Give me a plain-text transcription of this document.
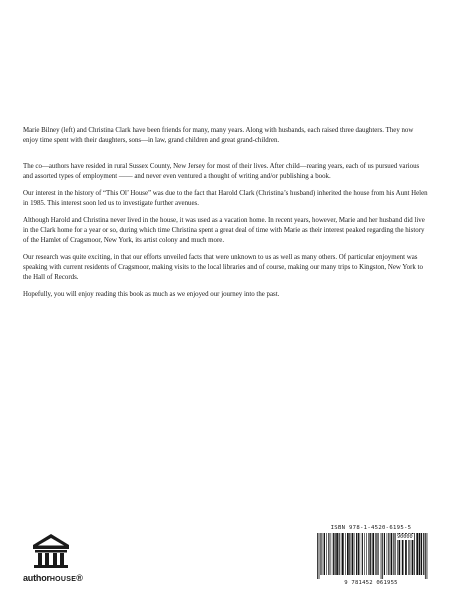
Marie Bilney (left) and Christina Clark have been friends for many, many years. Along with husbands, each raised three daughters. They now enjoy time spent with their daughters, sons—in law, grand children and great grand-children.

The co—authors have resided in rural Sussex County, New Jersey for most of their lives. After child—rearing years, each of us pursued various and assorted types of employment —— and never even ventured a thought of writing and/or publishing a book.

Our interest in the history of “This Ol’ House” was due to the fact that Harold Clark (Christina’s husband) inherited the house from his Aunt Helen in 1985. This interest soon led us to investigate further avenues.

Although Harold and Christina never lived in the house, it was used as a vacation home. In recent years, however, Marie and her husband did live in the Clark home for a year or so, during which time Christina spent a great deal of time with Marie as their interest peaked regarding the history of the Hamlet of Cragsmoor, New York, its artist colony and much more.

Our research was quite exciting, in that our efforts unveiled facts that were unknown to us as well as many others. Of particular enjoyment was speaking with current residents of Cragsmoor, making visits to the local libraries and of course, making our many trips to Kingston, New York to the Hall of Records.

Hopefully, you will enjoy reading this book as much as we enjoyed our journey into the past.

authorHOUSE®
ISBN 978-1-4520-6195-5
90000
9 781452 061955
